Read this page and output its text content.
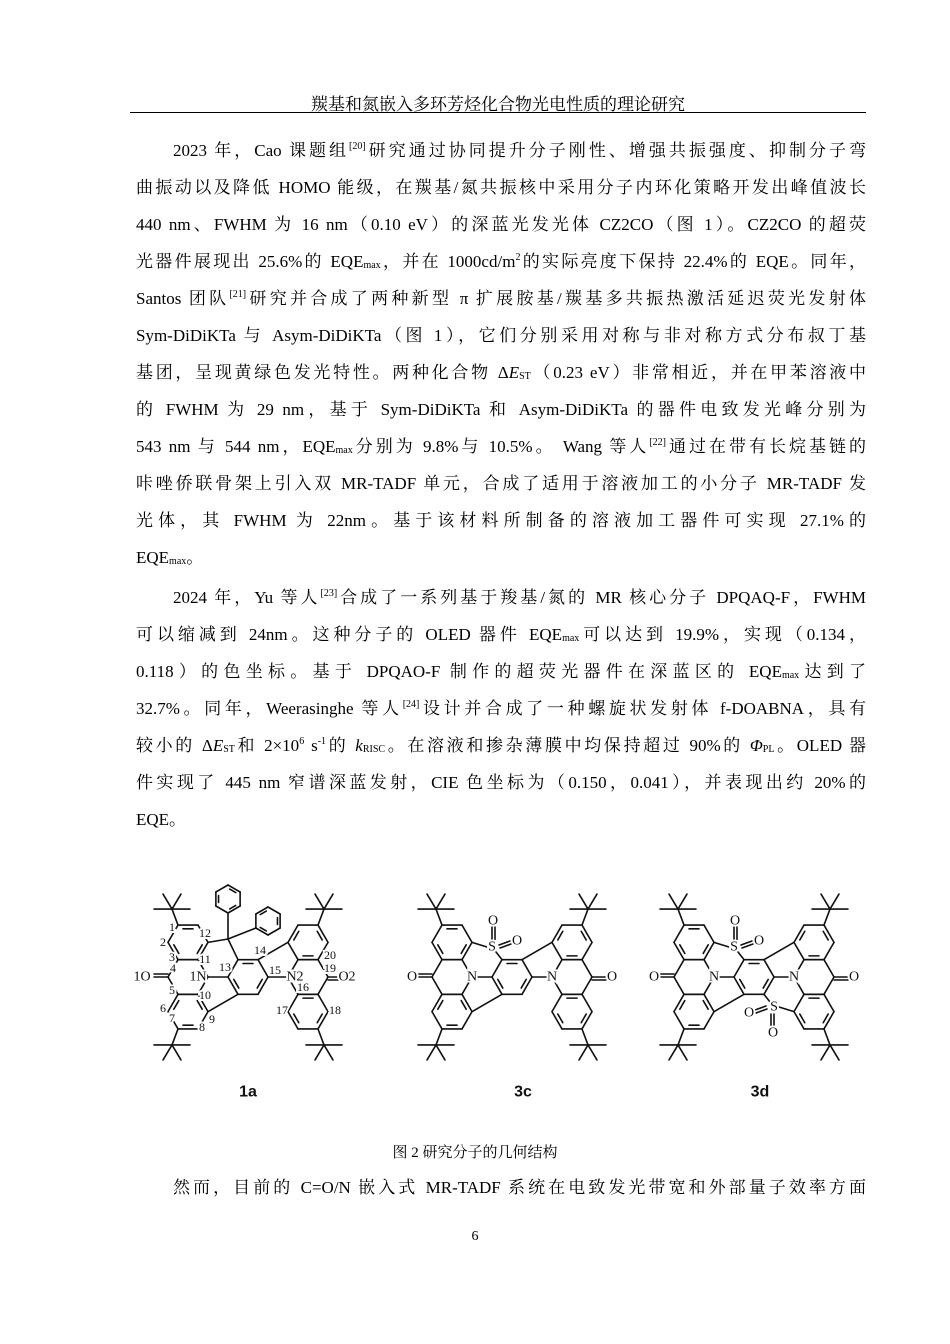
羰基和氮嵌入多环芳烃化合物光电性质的理论研究
2023 年，Cao 课题组[20]研究通过协同提升分子刚性、增强共振强度、抑制分子弯
曲振动以及降低 HOMO 能级，在羰基/氮共振核中采用分子内环化策略开发出峰值波长
440 nm、FWHM 为 16 nm（0.10 eV）的深蓝光发光体 CZ2CO（图 1）。CZ2CO 的超荧
光器件展现出 25.6%的 $EQE_{max}$，并在 $1000cd/m^2$的实际亮度下保持 22.4%的 EQE。同年，
Santos 团队[21]研究并合成了两种新型 π 扩展胺基/羰基多共振热激活延迟荧光发射体
Sym-DiDiKTa 与 Asym-DiDiKTa（图 1），它们分别采用对称与非对称方式分布叔丁基
基团，呈现黄绿色发光特性。两种化合物 $\Delta E_{ST}(0.23$ eV）非常相近，并在甲苯溶液中
的 FWHM 为 29 nm，基于 Sym-DiDiKTa 和 Asym-DiDiKTa 的器件电致发光峰分别为
543 nm 与 544 nm，$EQE_{max}$分别为 9.8%与 10.5%。 Wang 等人[22]通过在带有长烷基链的
咔唑侨联骨架上引入双 MR-TADF 单元，合成了适用于溶液加工的小分子 MR-TADF 发
光体，其 FWHM 为 22nm。基于该材料所制备的溶液加工器件可实现 27.1%的
$EQE_{max}$。
2024 年，Yu 等人[23]合成了一系列基于羧基/氮的 MR 核心分子 DPQAQ-F，FWHM
可以缩减到 24nm。这种分子的 OLED 器件 $EQE_{max}$可以达到 19.9%，实现（0.134，
0.118）的色坐标。基于 DPQAO-F 制作的超荧光器件在深蓝区的 $EQE_{max}$达到了
32.7%。同年，Weerasinghe 等人[24]设计并合成了一种螺旋状发射体 f-DOABNA，具有
较小的 $\Delta E_{ST}$和 $2\times 10^6$ $s^{-1}$的 $k_{RISC}$。在溶液和掺杂薄膜中均保持超过 90%的 $\Phi_{PL}$。OLED 器
件实现了 445 nm 窄谱深蓝发射，CIE 色坐标为（0.150，0.041），并表现出约 20%的
EQE。
然而，目前的 C=O/N 嵌入式 MR-TADF 系统在电致发光带宽和外部量子效率方面
1
2
3
4
5
6
7
8
9
10
11
12
13
14
15
16
17	18
19
20
1O	O2
1N	N2
1a
S
O
O
N	N
O	O
3c
S
O
O
S
O
O
N	N
O	O
3d
图 2 研究分子的几何结构
6
